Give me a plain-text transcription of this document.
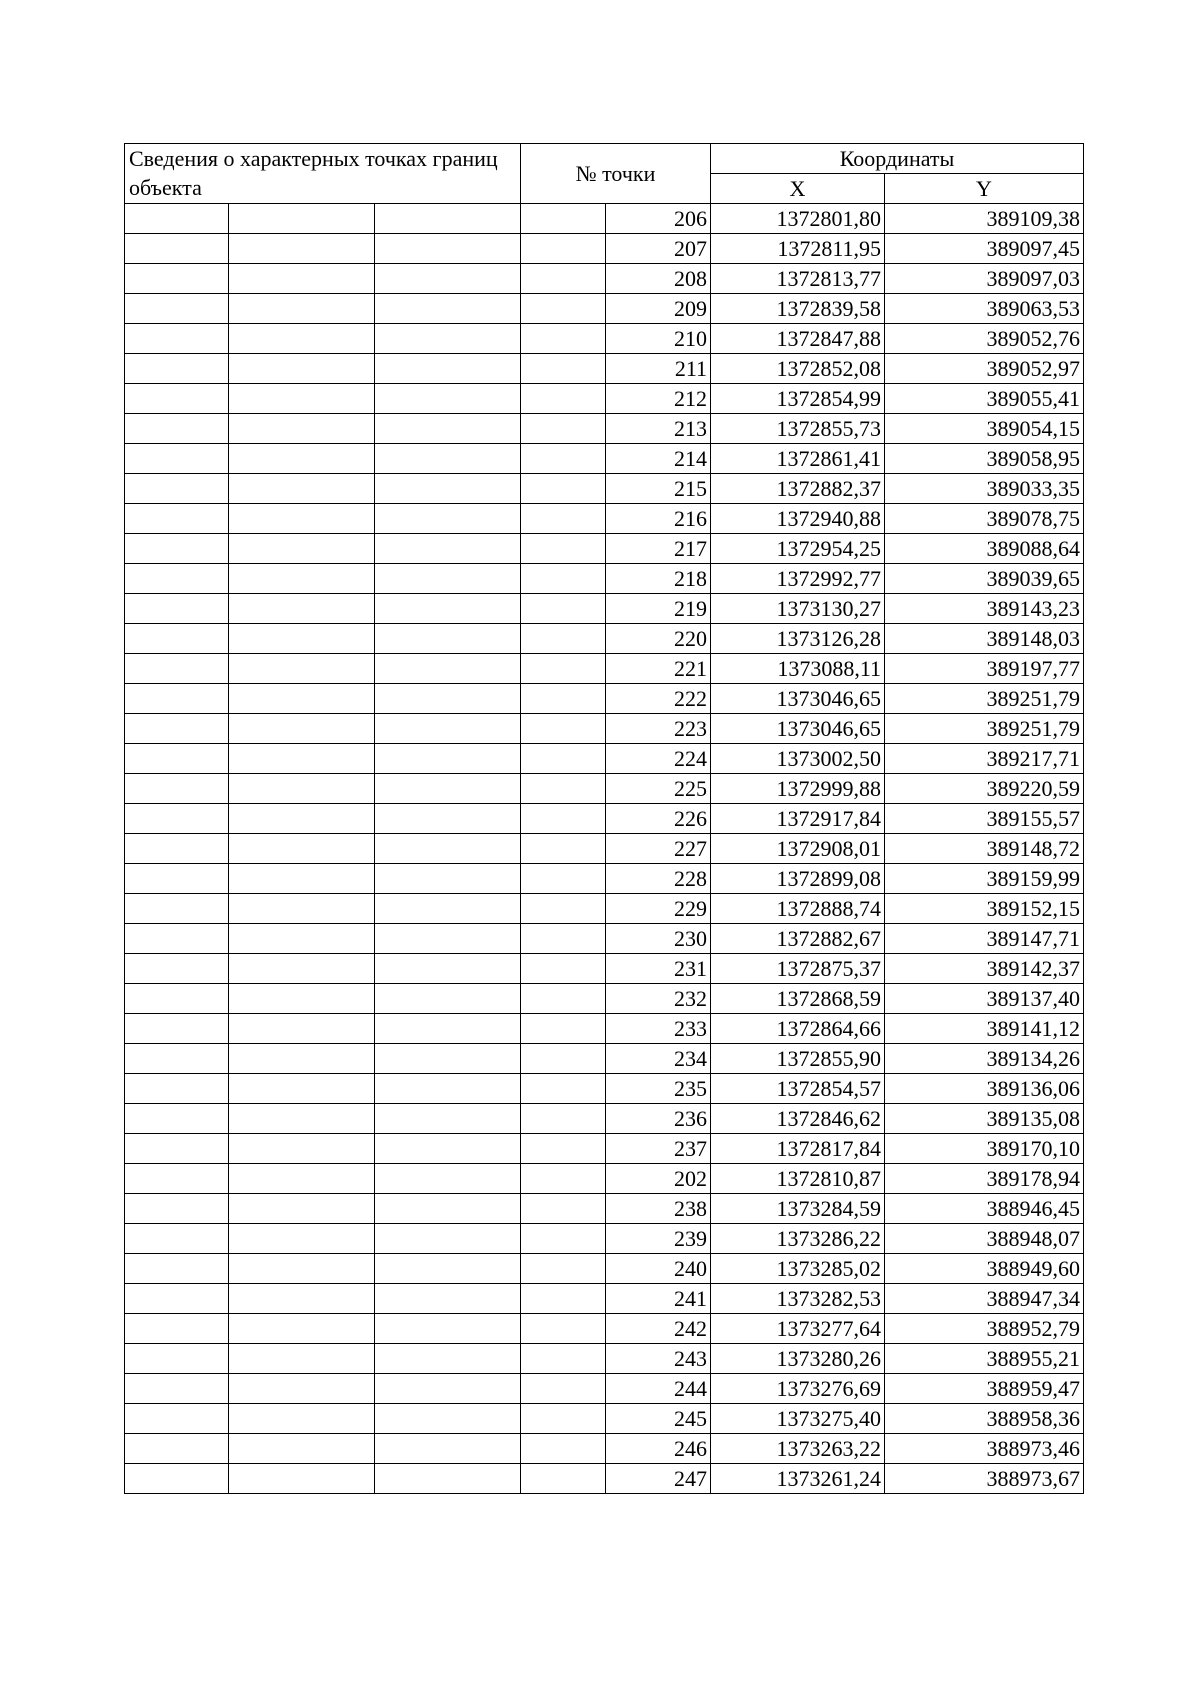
Сведения о характерных точках границ объекта			№ точки		Координаты	
					X	Y
				206	1372801,80	389109,38
				207	1372811,95	389097,45
				208	1372813,77	389097,03
				209	1372839,58	389063,53
				210	1372847,88	389052,76
				211	1372852,08	389052,97
				212	1372854,99	389055,41
				213	1372855,73	389054,15
				214	1372861,41	389058,95
				215	1372882,37	389033,35
				216	1372940,88	389078,75
				217	1372954,25	389088,64
				218	1372992,77	389039,65
				219	1373130,27	389143,23
				220	1373126,28	389148,03
				221	1373088,11	389197,77
				222	1373046,65	389251,79
				223	1373046,65	389251,79
				224	1373002,50	389217,71
				225	1372999,88	389220,59
				226	1372917,84	389155,57
				227	1372908,01	389148,72
				228	1372899,08	389159,99
				229	1372888,74	389152,15
				230	1372882,67	389147,71
				231	1372875,37	389142,37
				232	1372868,59	389137,40
				233	1372864,66	389141,12
				234	1372855,90	389134,26
				235	1372854,57	389136,06
				236	1372846,62	389135,08
				237	1372817,84	389170,10
				202	1372810,87	389178,94
				238	1373284,59	388946,45
				239	1373286,22	388948,07
				240	1373285,02	388949,60
				241	1373282,53	388947,34
				242	1373277,64	388952,79
				243	1373280,26	388955,21
				244	1373276,69	388959,47
				245	1373275,40	388958,36
				246	1373263,22	388973,46
				247	1373261,24	388973,67
